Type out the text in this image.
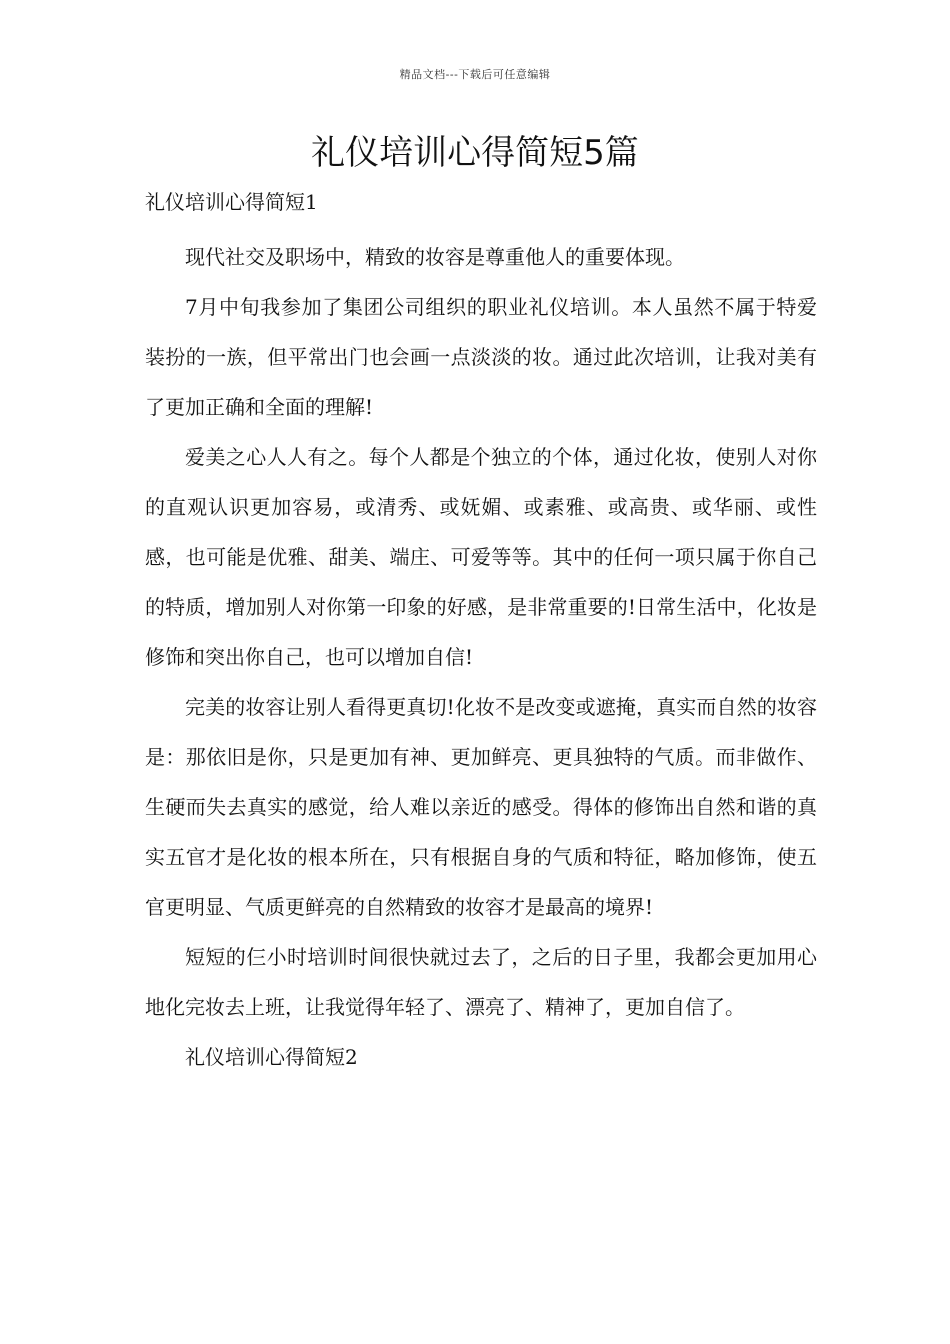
精品文档---下载后可任意编辑
礼仪培训心得简短5篇
礼仪培训心得简短1

现代社交及职场中，精致的妆容是尊重他人的重要体现。

7月中旬我参加了集团公司组织的职业礼仪培训。本人虽然不属于特爱装扮的一族，但平常出门也会画一点淡淡的妆。通过此次培训，让我对美有了更加正确和全面的理解!

爱美之心人人有之。每个人都是个独立的个体，通过化妆，使别人对你的直观认识更加容易，或清秀、或妩媚、或素雅、或高贵、或华丽、或性感，也可能是优雅、甜美、端庄、可爱等等。其中的任何一项只属于你自己的特质，增加别人对你第一印象的好感，是非常重要的!日常生活中，化妆是修饰和突出你自己，也可以增加自信!

完美的妆容让别人看得更真切!化妆不是改变或遮掩，真实而自然的妆容是：那依旧是你，只是更加有神、更加鲜亮、更具独特的气质。而非做作、生硬而失去真实的感觉，给人难以亲近的感受。得体的修饰出自然和谐的真实五官才是化妆的根本所在，只有根据自身的气质和特征，略加修饰，使五官更明显、气质更鲜亮的自然精致的妆容才是最高的境界!

短短的仨小时培训时间很快就过去了，之后的日子里，我都会更加用心地化完妆去上班，让我觉得年轻了、漂亮了、精神了，更加自信了。

礼仪培训心得简短2
